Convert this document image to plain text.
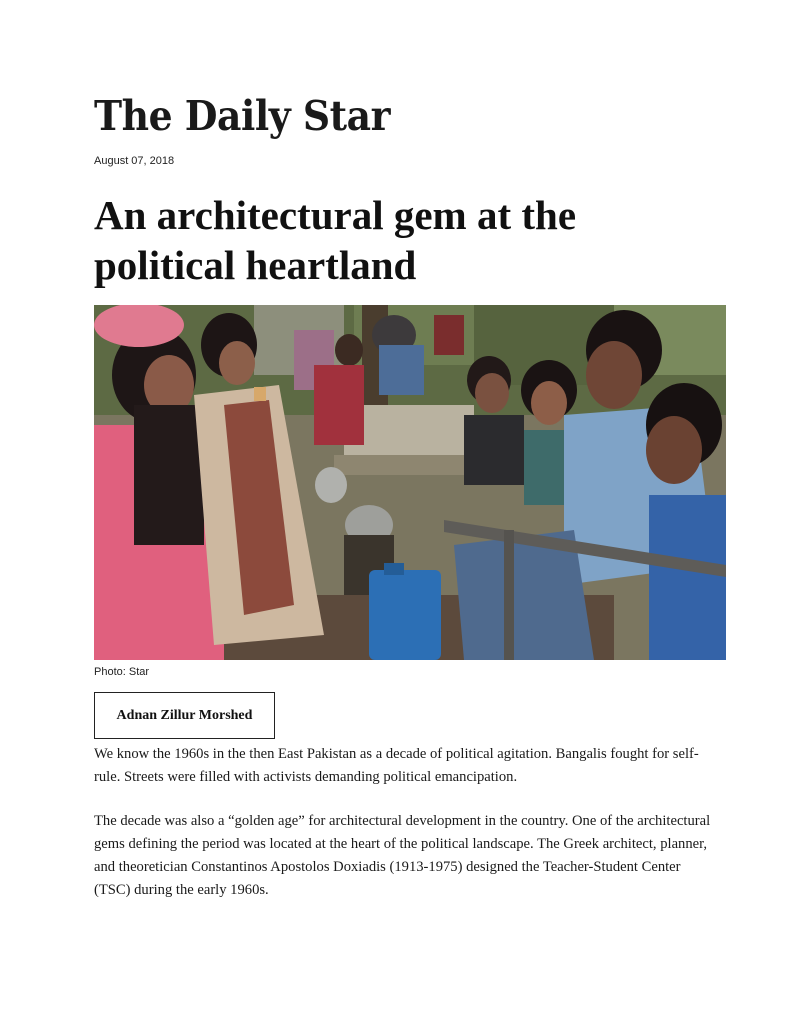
The Daily Star
August 07, 2018
An architectural gem at the political heartland
Photo: Star
Adnan Zillur Morshed

We know the 1960s in the then East Pakistan as a decade of political agitation. Bangalis fought for self-rule. Streets were filled with activists demanding political emancipation.

The decade was also a “golden age” for architectural development in the country. One of the architectural gems defining the period was located at the heart of the political landscape. The Greek architect, planner, and theoretician Constantinos Apostolos Doxiadis (1913-1975) designed the Teacher-Student Center (TSC) during the early 1960s.
